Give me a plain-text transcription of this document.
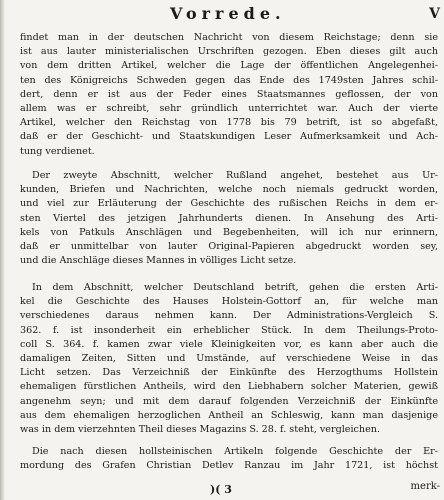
Vorrede.	V

findet man in der deutschen Nachricht von diesem Reichstage; denn sie
ist aus lauter ministerialischen Urschriften gezogen. Eben dieses gilt auch
von dem dritten Artikel, welcher die Lage der öffentlichen Angelegenhei-
ten des Königreichs Schweden gegen das Ende des 1749sten Jahres schil-
dert, denn er ist aus der Feder eines Staatsmannes geflossen, der von
allem was er schreibt, sehr gründlich unterrichtet war. Auch der vierte
Artikel, welcher den Reichstag von 1778 bis 79 betrift, ist so abgefaßt,
daß er der Geschicht- und Staatskundigen Leser Aufmerksamkeit und Ach-
tung verdienet.

Der zweyte Abschnitt, welcher Rußland angehet, bestehet aus Ur-
kunden, Briefen und Nachrichten, welche noch niemals gedruckt worden,
und viel zur Erläuterung der Geschichte des rußischen Reichs in dem er-
sten Viertel des jetzigen Jahrhunderts dienen. In Ansehung des Arti-
kels von Patkuls Anschlägen und Begebenheiten, will ich nur erinnern,
daß er unmittelbar von lauter Original-Papieren abgedruckt worden sey,
und die Anschläge dieses Mannes in völliges Licht setze.

In dem Abschnitt, welcher Deutschland betrift, gehen die ersten Arti-
kel die Geschichte des Hauses Holstein-Gottorf an, für welche man
verschiedenes daraus nehmen kann. Der Administrations-Vergleich S.
362. f. ist insonderheit ein erheblicher Stück. In dem Theilungs-Proto-
coll S. 364. f. kamen zwar viele Kleinigkeiten vor, es kann aber auch die
damaligen Zeiten, Sitten und Umstände, auf verschiedene Weise in das
Licht setzen. Das Verzeichniß der Einkünfte des Herzogthums Hollstein
ehemaligen fürstlichen Antheils, wird den Liebhabern solcher Materien, gewiß
angenehm seyn; und mit dem darauf folgenden Verzeichniß der Einkünfte
aus dem ehemaligen herzoglichen Antheil an Schleswig, kann man dasjenige
was in dem vierzehnten Theil dieses Magazins S. 28. f. steht, vergleichen.

Die nach diesen hollsteinischen Artikeln folgende Geschichte der Er-
mordung des Grafen Christian Detlev Ranzau im Jahr 1721, ist höchst

)( 3	merk-
